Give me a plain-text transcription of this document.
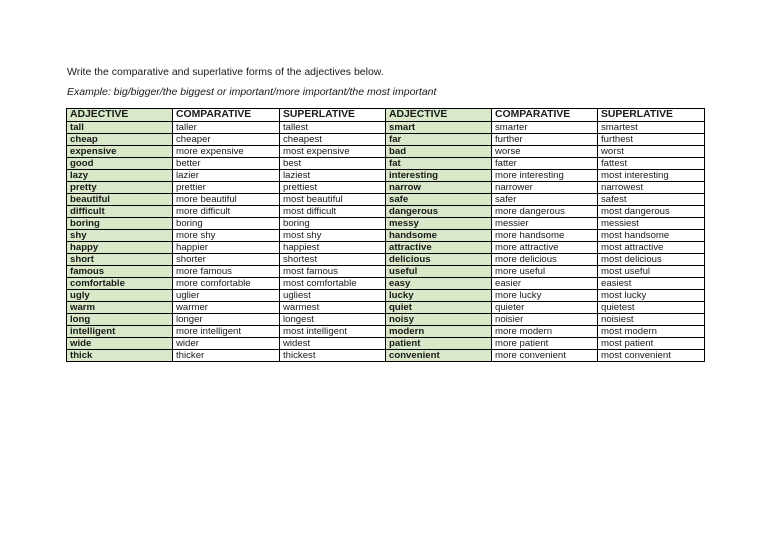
Write the comparative and superlative forms of the adjectives below.
Example: big/bigger/the biggest or important/more important/the most important
ADJECTIVE	COMPARATIVE	SUPERLATIVE	ADJECTIVE	COMPARATIVE	SUPERLATIVE
tall	taller	tallest	smart	smarter	smartest
cheap	cheaper	cheapest	far	further	furthest
expensive	more expensive	most expensive	bad	worse	worst
good	better	best	fat	fatter	fattest
lazy	lazier	laziest	interesting	more interesting	most interesting
pretty	prettier	prettiest	narrow	narrower	narrowest
beautiful	more beautiful	most beautiful	safe	safer	safest
difficult	more difficult	most difficult	dangerous	more dangerous	most dangerous
boring	boring	boring	messy	messier	messiest
shy	more shy	most shy	handsome	more handsome	most handsome
happy	happier	happiest	attractive	more attractive	most attractive
short	shorter	shortest	delicious	more delicious	most delicious
famous	more famous	most famous	useful	more useful	most useful
comfortable	more comfortable	most comfortable	easy	easier	easiest
ugly	uglier	ugliest	lucky	more lucky	most lucky
warm	warmer	warmest	quiet	quieter	quietest
long	longer	longest	noisy	noisier	noisiest
intelligent	more intelligent	most intelligent	modern	more modern	most modern
wide	wider	widest	patient	more patient	most patient
thick	thicker	thickest	convenient	more convenient	most convenient
